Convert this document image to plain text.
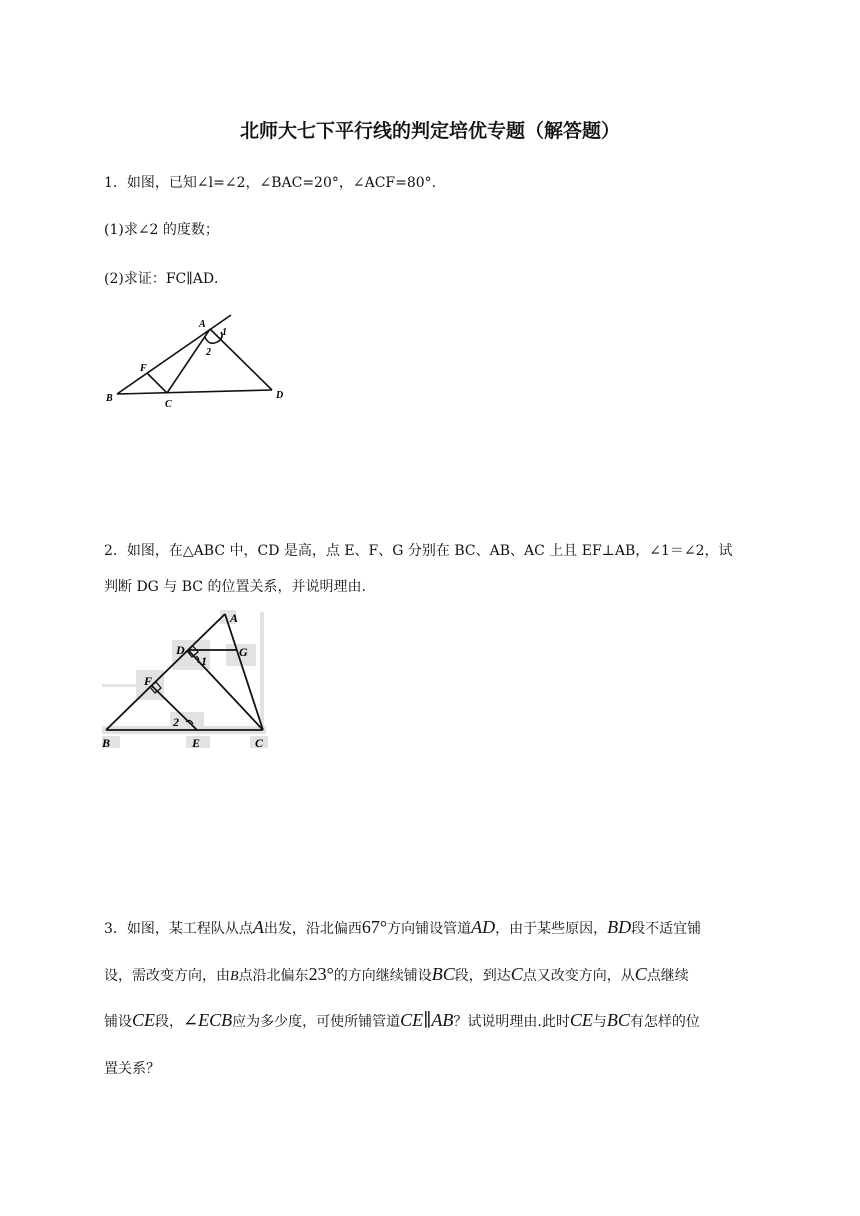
北师大七下平行线的判定培优专题（解答题）
1．如图，已知∠l=∠2，∠BAC=20°，∠ACF=80°.
(1)求∠2 的度数；
(2)求证：FC∥AD．
A
1
2
F
B
C
D
2．如图，在△ABC 中，CD 是高，点 E、F、G 分别在 BC、AB、AC 上且 EF⊥AB，∠1＝∠2，试
判断 DG 与 BC 的位置关系，并说明理由.
A
D
1
G
F
2
B	E	C
3．如图，某工程队从点A出发，沿北偏西67°方向铺设管道AD，由于某些原因，BD段不适宜铺
设，需改变方向，由B点沿北偏东23°的方向继续铺设BC段，到达C点又改变方向，从C点继续
铺设CE段，∠ECB应为多少度，可使所铺管道CE∥AB？试说明理由.此时CE与BC有怎样的位
置关系？
